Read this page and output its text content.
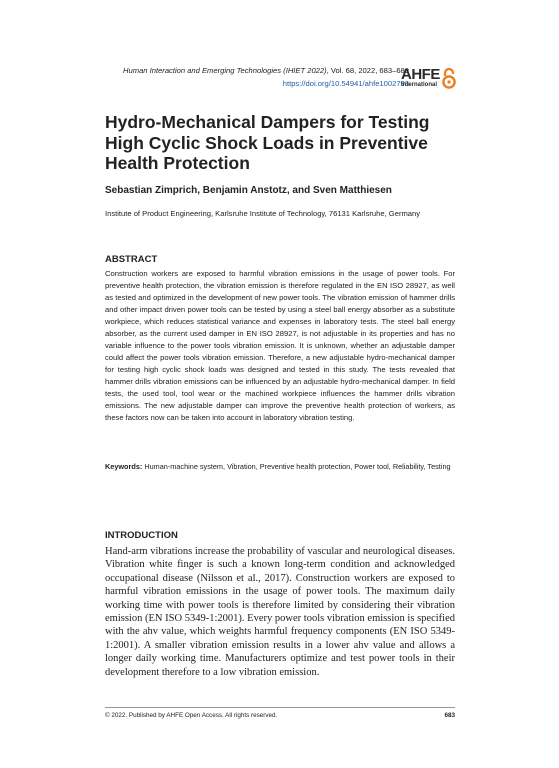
Human Interaction and Emerging Technologies (IHIET 2022), Vol. 68, 2022, 683–689
https://doi.org/10.54941/ahfe1002793
AHFE
International
Hydro-Mechanical Dampers for Testing High Cyclic Shock Loads in Preventive Health Protection

Sebastian Zimprich, Benjamin Anstotz, and Sven Matthiesen

Institute of Product Engineering, Karlsruhe Institute of Technology, 76131 Karlsruhe, Germany

ABSTRACT

Construction workers are exposed to harmful vibration emissions in the usage of power tools. For preventive health protection, the vibration emission is therefore regulated in the EN ISO 28927, as well as tested and optimized in the development of new power tools. The vibration emission of hammer drills and other impact driven power tools can be tested by using a steel ball energy absorber as a substitute workpiece, which reduces statistical variance and expenses in laboratory tests. The steel ball energy absorber, as the current used damper in EN ISO 28927, is not adjustable in its properties and has no variable influence to the power tools vibration emission. It is unknown, whether an adjustable damper could affect the power tools vibration emission. Therefore, a new adjustable hydro-mechanical damper for testing high cyclic shock loads was designed and tested in this study. The tests revealed that hammer drills vibration emissions can be influenced by an adjustable hydro-mechanical damper. In field tests, the used tool, tool wear or the machined workpiece influences the hammer drills vibration emissions. The new adjustable damper can improve the preventive health protection of workers, as these factors now can be taken into account in laboratory vibration testing.

Keywords: Human-machine system, Vibration, Preventive health protection, Power tool, Reliability, Testing

INTRODUCTION

Hand-arm vibrations increase the probability of vascular and neurological diseases. Vibration white finger is such a known long-term condition and acknowledged occupational disease (Nilsson et al., 2017). Construction workers are exposed to harmful vibration emissions in the usage of power tools. The maximum daily working time with power tools is therefore limited by considering their vibration emission (EN ISO 5349-1:2001). Every power tools vibration emission is specified with the ahv value, which weights harmful frequency components (EN ISO 5349-1:2001). A smaller vibration emission results in a lower ahv value and allows a longer daily working time. Manufacturers optimize and test power tools in their development therefore to a low vibration emission.

© 2022. Published by AHFE Open Access. All rights reserved.	683
